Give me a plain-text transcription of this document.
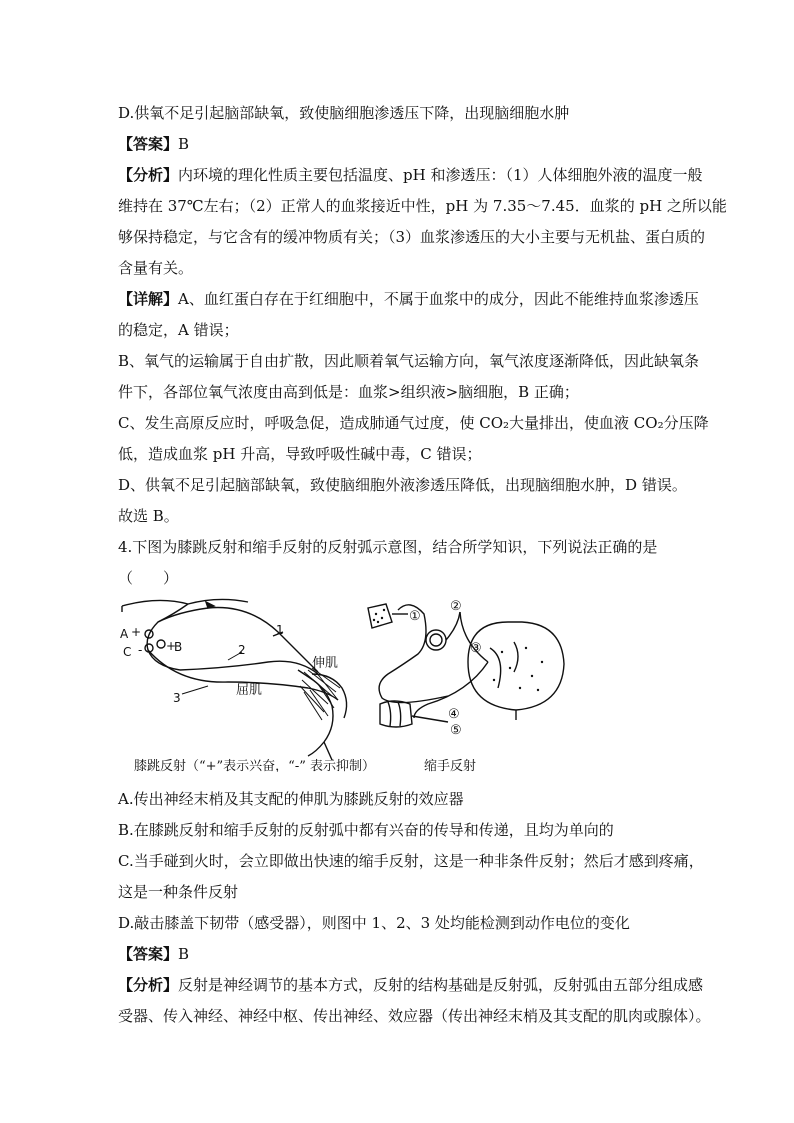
D.供氧不足引起脑部缺氧，致使脑细胞渗透压下降，出现脑细胞水肿
【答案】B
【分析】内环境的理化性质主要包括温度、pH 和渗透压：（1）人体细胞外液的温度一般
维持在 37℃左右；（2）正常人的血浆接近中性，pH 为 7.35～7.45．血浆的 pH 之所以能
够保持稳定，与它含有的缓冲物质有关；（3）血浆渗透压的大小主要与无机盐、蛋白质的
含量有关。
【详解】A、血红蛋白存在于红细胞中，不属于血浆中的成分，因此不能维持血浆渗透压
的稳定，A 错误；
B、氧气的运输属于自由扩散，因此顺着氧气运输方向，氧气浓度逐渐降低，因此缺氧条
件下，各部位氧气浓度由高到低是：血浆>组织液>脑细胞，B 正确；
C、发生高原反应时，呼吸急促，造成肺通气过度，使 CO₂大量排出，使血液 CO₂分压降
低，造成血浆 pH 升高，导致呼吸性碱中毒，C 错误；
D、供氧不足引起脑部缺氧，致使脑细胞外液渗透压降低，出现脑细胞水肿，D 错误。
故选 B。
4.下图为膝跳反射和缩手反射的反射弧示意图，结合所学知识，下列说法正确的是
（　　）
A +
C - +
B
1
2
3
伸肌
屈肌
①
②
③
④
⑤
膝跳反射（“+”表示兴奋，“-” 表示抑制）	缩手反射
A.传出神经末梢及其支配的伸肌为膝跳反射的效应器
B.在膝跳反射和缩手反射的反射弧中都有兴奋的传导和传递，且均为单向的
C.当手碰到火时，会立即做出快速的缩手反射，这是一种非条件反射；然后才感到疼痛，
这是一种条件反射
D.敲击膝盖下韧带（感受器），则图中 1、2、3 处均能检测到动作电位的变化
【答案】B
【分析】反射是神经调节的基本方式，反射的结构基础是反射弧，反射弧由五部分组成感
受器、传入神经、神经中枢、传出神经、效应器（传出神经末梢及其支配的肌肉或腺体）。
